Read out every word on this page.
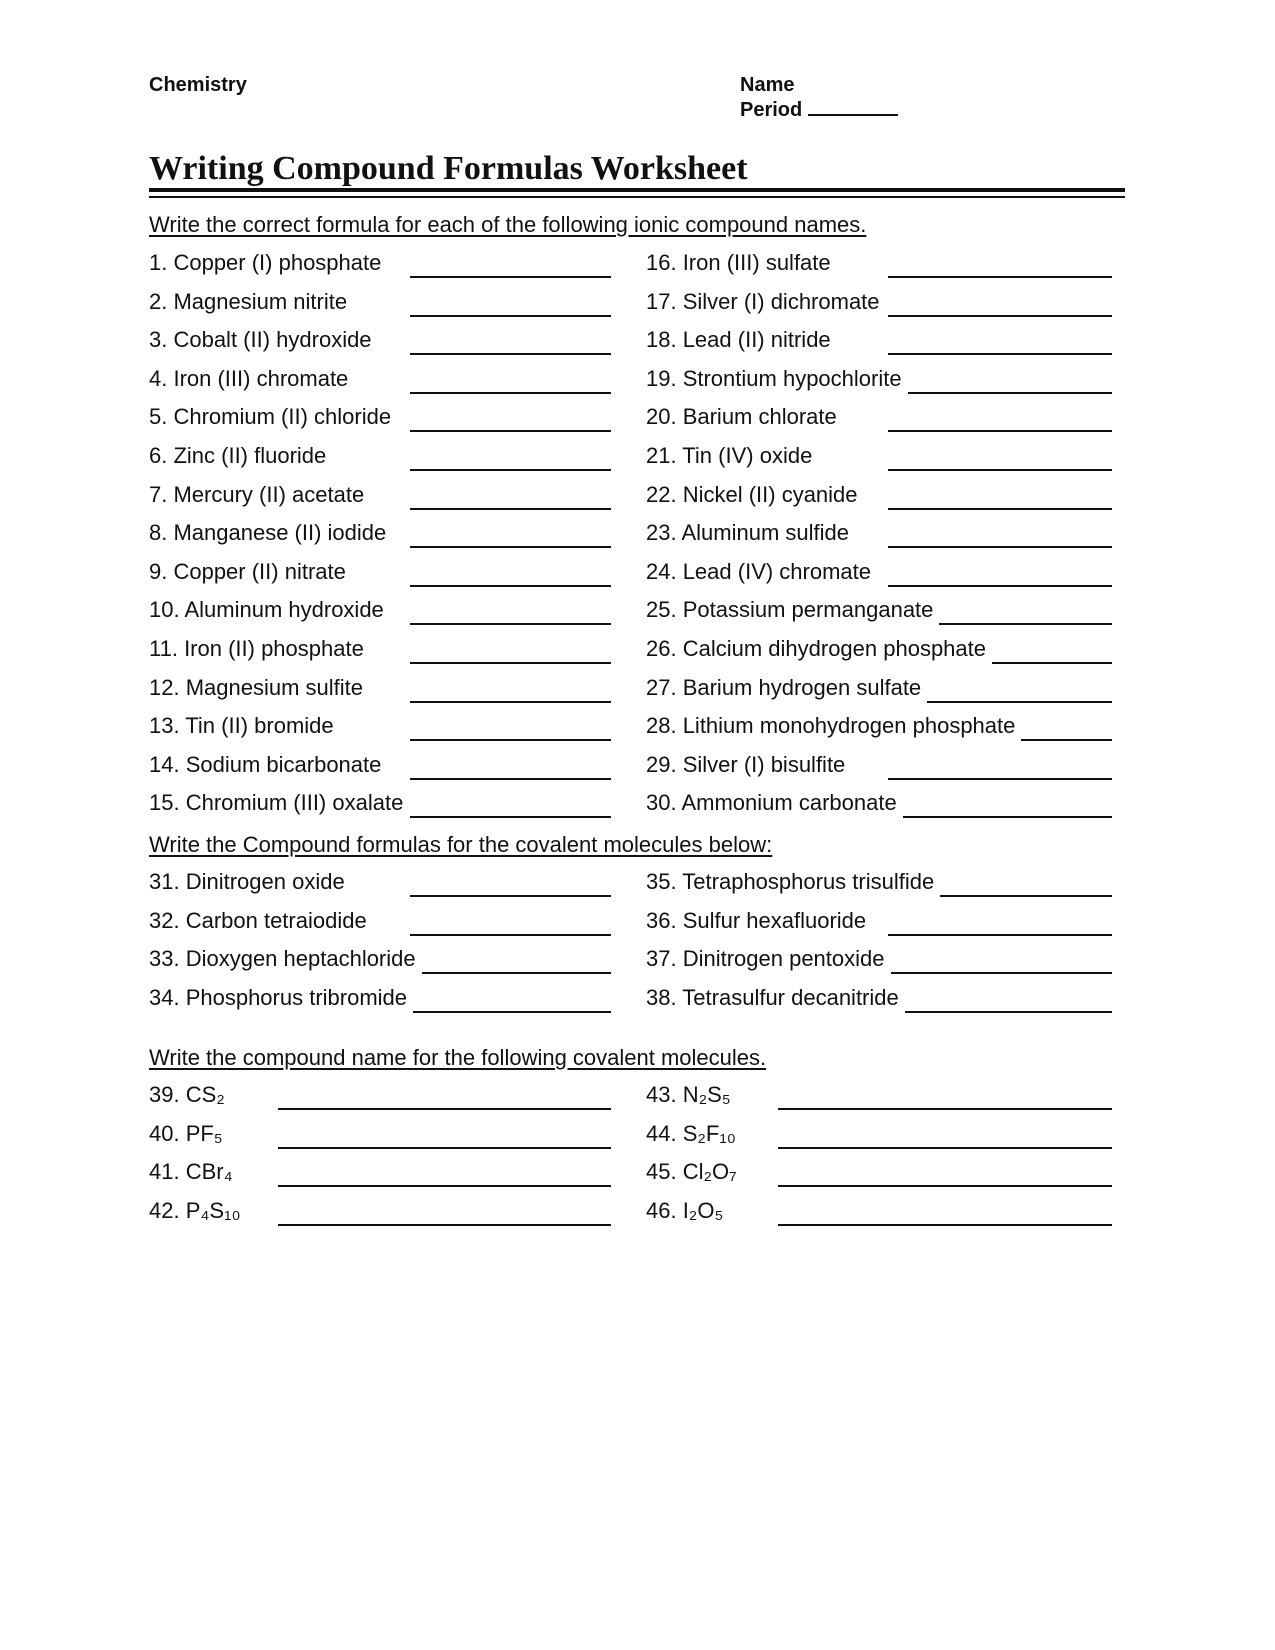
Chemistry	Name
Period
Writing Compound Formulas Worksheet
Write the correct formula for each of the following ionic compound names.
1. Copper (I) phosphate
2. Magnesium nitrite
3. Cobalt (II) hydroxide
4. Iron (III) chromate
5. Chromium (II) chloride
6. Zinc (II) fluoride
7. Mercury (II) acetate
8. Manganese (II) iodide
9. Copper (II) nitrate
10. Aluminum hydroxide
11. Iron (II) phosphate
12. Magnesium sulfite
13. Tin (II) bromide
14. Sodium bicarbonate
15. Chromium (III) oxalate
16. Iron (III) sulfate
17. Silver (I) dichromate
18. Lead (II) nitride
19. Strontium hypochlorite
20. Barium chlorate
21. Tin (IV) oxide
22. Nickel (II) cyanide
23. Aluminum sulfide
24. Lead (IV) chromate
25. Potassium permanganate
26. Calcium dihydrogen phosphate
27. Barium hydrogen sulfate
28. Lithium monohydrogen phosphate
29. Silver (I) bisulfite
30. Ammonium carbonate
Write the Compound formulas for the covalent molecules below:
31. Dinitrogen oxide
32. Carbon tetraiodide
33. Dioxygen heptachloride
34. Phosphorus tribromide
35. Tetraphosphorus trisulfide
36. Sulfur hexafluoride
37. Dinitrogen pentoxide
38. Tetrasulfur decanitride
Write the compound name for the following covalent molecules.
39. CS₂
40. PF₅
41. CBr₄
42. P₄S₁₀
43. N₂S₅
44. S₂F₁₀
45. Cl₂O₇
46. I₂O₅
